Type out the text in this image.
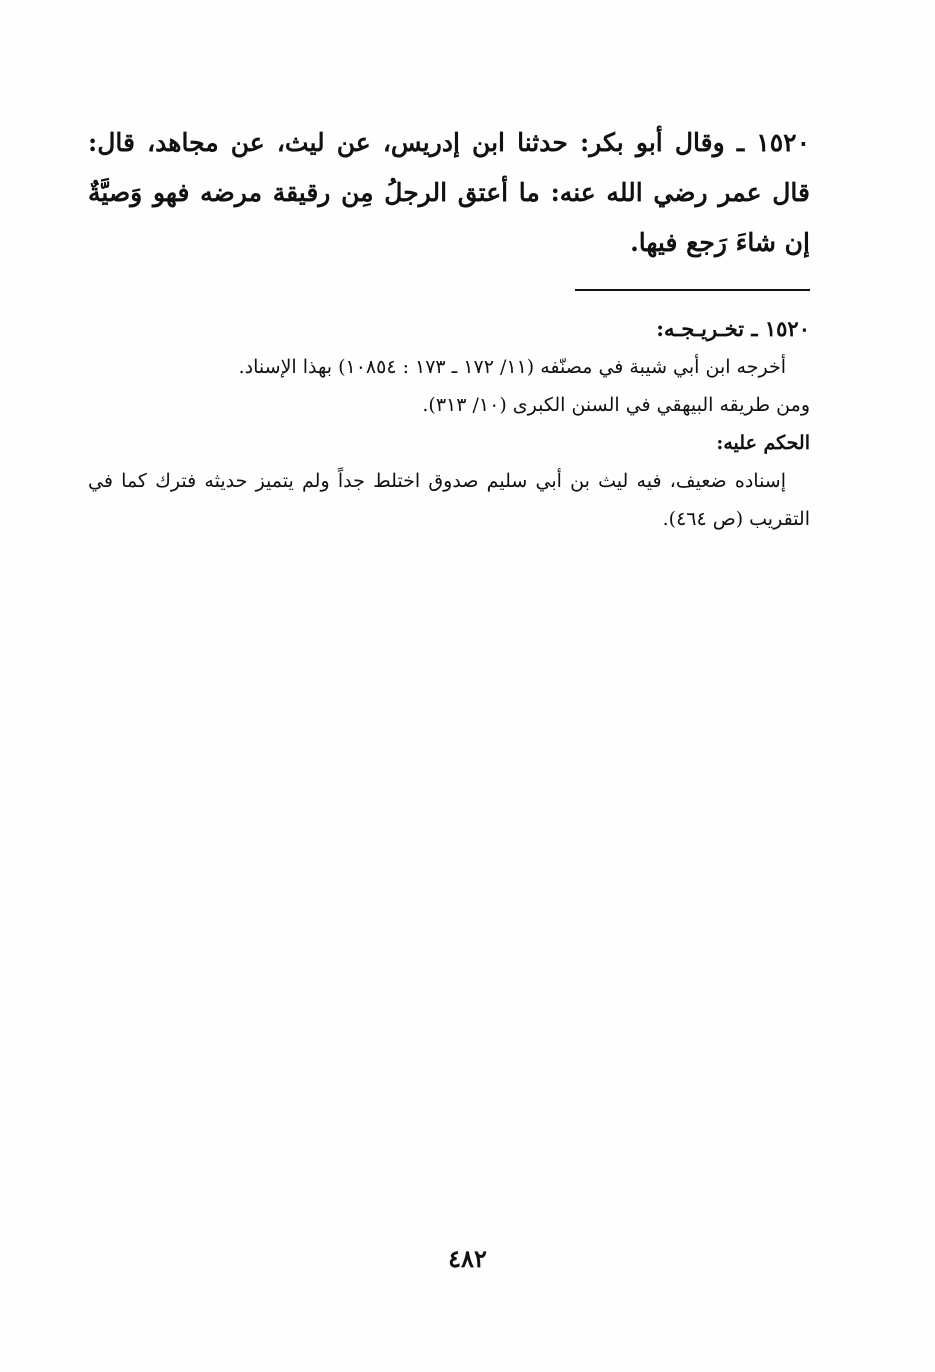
١٥٢٠ ـ وقال أبو بكر: حدثنا ابن إدريس، عن ليث، عن مجاهد، قال: قال عمر رضي الله عنه: ما أعتق الرجلُ مِن رقيقة مرضه فهو وَصيَّةٌ إن شاءَ رَجع فيها.

١٥٢٠ ـ تخـريـجـه:

أخرجه ابن أبي شيبة في مصنّفه (١١/ ١٧٢ ـ ١٧٣ : ١٠٨٥٤) بهذا الإسناد.

ومن طريقه البيهقي في السنن الكبرى (١٠/ ٣١٣).

الحكم عليه:

إسناده ضعيف، فيه ليث بن أبي سليم صدوق اختلط جداً ولم يتميز حديثه فترك كما في التقريب (ص ٤٦٤).

٤٨٢
